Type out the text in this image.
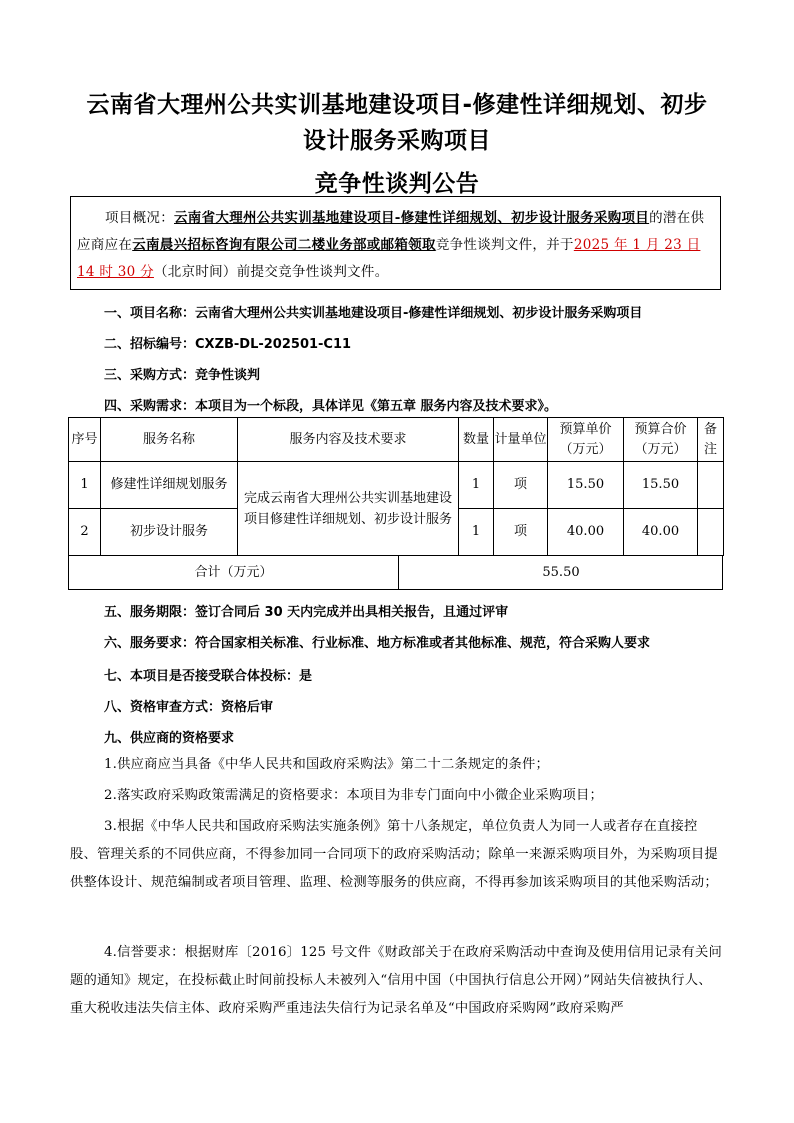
云南省大理州公共实训基地建设项目-修建性详细规划、初步
设计服务采购项目
竞争性谈判公告
项目概况：云南省大理州公共实训基地建设项目-修建性详细规划、初步设计服务采购项目的潜在供应商应在云南晨兴招标咨询有限公司二楼业务部或邮箱领取竞争性谈判文件，并于2025 年 1 月 23 日 14 时 30 分（北京时间）前提交竞争性谈判文件。
一、项目名称：云南省大理州公共实训基地建设项目-修建性详细规划、初步设计服务采购项目
二、招标编号：CXZB-DL-202501-C11
三、采购方式：竞争性谈判
四、采购需求：本项目为一个标段，具体详见《第五章 服务内容及技术要求》。
序号	服务名称	服务内容及技术要求	数量	计量单位	预算单价（万元）	预算合价（万元）	备注
1	修建性详细规划服务	完成云南省大理州公共实训基地建设项目修建性详细规划、初步设计服务	1	项	15.50	15.50	
2	初步设计服务		1	项	40.00	40.00	
合计（万元）	55.50
五、服务期限：签订合同后 30 天内完成并出具相关报告，且通过评审
六、服务要求：符合国家相关标准、行业标准、地方标准或者其他标准、规范，符合采购人要求
七、本项目是否接受联合体投标：是
八、资格审查方式：资格后审
九、供应商的资格要求
1.供应商应当具备《中华人民共和国政府采购法》第二十二条规定的条件；
2.落实政府采购政策需满足的资格要求：本项目为非专门面向中小微企业采购项目；
3.根据《中华人民共和国政府采购法实施条例》第十八条规定，单位负责人为同一人或者存在直接控股、管理关系的不同供应商，不得参加同一合同项下的政府采购活动；除单一来源采购项目外，为采购项目提供整体设计、规范编制或者项目管理、监理、检测等服务的供应商，不得再参加该采购项目的其他采购活动；
4.信誉要求：根据财库〔2016〕125 号文件《财政部关于在政府采购活动中查询及使用信用记录有关问题的通知》规定，在投标截止时间前投标人未被列入“信用中国（中国执行信息公开网）”网站失信被执行人、重大税收违法失信主体、政府采购严重违法失信行为记录名单及“中国政府采购网”政府采购严
